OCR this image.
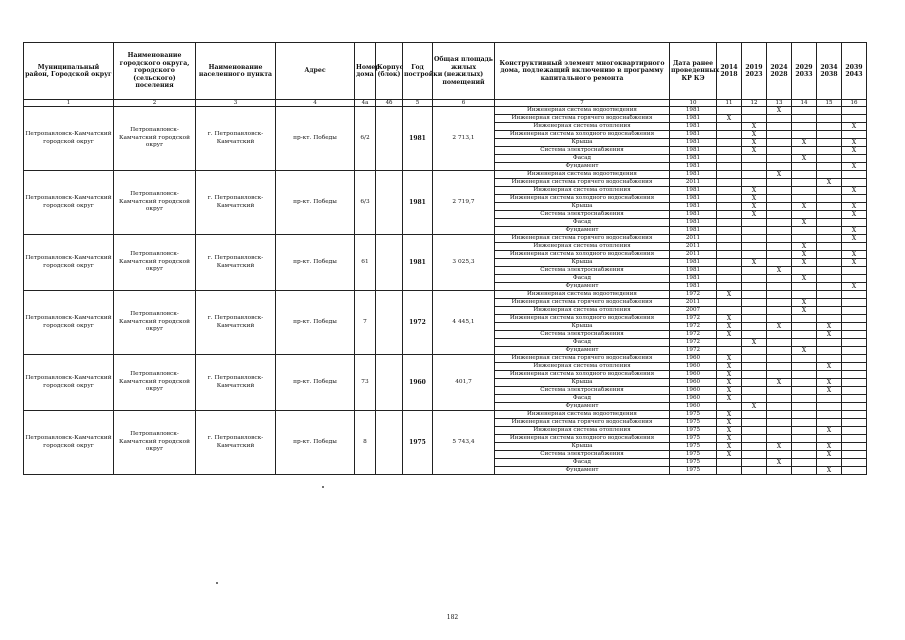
Муниципальный район, Городской округ	Наименование городского округа, городского (сельского) поселения	Наименование населенного пункта	Адрес	Номер дома	Корпус (блок)	Год постройки	Общая площадь жилых (нежилых) помещений	Конструктивный элемент многоквартирного дома, подлежащий включению в программу капитального ремонта	Дата ранее проведенных КР КЭ	2014 2018	2019 2023	2024 2028	2029 2033	2034 2038	2039 2043
1	2	3	4	4а	4б	5	6	7	10	11	12	13	14	15	16
Петропавловск-Камчатский городской округ	Петропавловск-Камчатский городской округ	г. Петропавловск-Камчатский	пр-кт. Победы	6/2		1981	2 713,1	Инженерная система водоотведения	1981			X			
								Инженерная система горячего водоснабжения	1981	X					
								Инженерная система отопления	1981		X				X
								Инженерная система холодного водоснабжения	1981		X				
								Крыша	1981		X		X		X
								Система электроснабжения	1981		X				X
								Фасад	1981				X		
								Фундамент	1981						X
Петропавловск-Камчатский городской округ	Петропавловск-Камчатский городской округ	г. Петропавловск-Камчатский	пр-кт. Победы	6/3		1981	2 719,7	Инженерная система водоотведения	1981			X			
								Инженерная система горячего водоснабжения	2011					X	
								Инженерная система отопления	1981		X				X
								Инженерная система холодного водоснабжения	1981		X				
								Крыша	1981		X		X		X
								Система электроснабжения	1981		X				X
								Фасад	1981				X		
								Фундамент	1981						X
Петропавловск-Камчатский городской округ	Петропавловск-Камчатский городской округ	г. Петропавловск-Камчатский	пр-кт. Победы	61		1981	3 025,3	Инженерная система горячего водоснабжения	2011						X
								Инженерная система отопления	2011				X		
								Инженерная система холодного водоснабжения	2011				X		X
								Крыша	1981		X		X		X
								Система электроснабжения	1981			X			
								Фасад	1981				X		
								Фундамент	1981						X
Петропавловск-Камчатский городской округ	Петропавловск-Камчатский городской округ	г. Петропавловск-Камчатский	пр-кт. Победы	7		1972	4 445,1	Инженерная система водоотведения	1972	X					
								Инженерная система горячего водоснабжения	2011				X		
								Инженерная система отопления	2007				X		
								Инженерная система холодного водоснабжения	1972	X					
								Крыша	1972	X		X		X	
								Система электроснабжения	1972	X				X	
								Фасад	1972		X				
								Фундамент	1972				X		
Петропавловск-Камчатский городской округ	Петропавловск-Камчатский городской округ	г. Петропавловск-Камчатский	пр-кт. Победы	73		1960	401,7	Инженерная система горячего водоснабжения	1960	X					
								Инженерная система отопления	1960	X				X	
								Инженерная система холодного водоснабжения	1960	X					
								Крыша	1960	X		X		X	
								Система электроснабжения	1960	X				X	
								Фасад	1960	X					
								Фундамент	1960		X				
Петропавловск-Камчатский городской округ	Петропавловск-Камчатский городской округ	г. Петропавловск-Камчатский	пр-кт. Победы	8		1975	5 743,4	Инженерная система водоотведения	1975	X					
								Инженерная система горячего водоснабжения	1975	X					
								Инженерная система отопления	1975	X				X	
								Инженерная система холодного водоснабжения	1975	X					
								Крыша	1975	X		X		X	
								Система электроснабжения	1975	X				X	
								Фасад	1975			X			
								Фундамент	1975					X	
182
